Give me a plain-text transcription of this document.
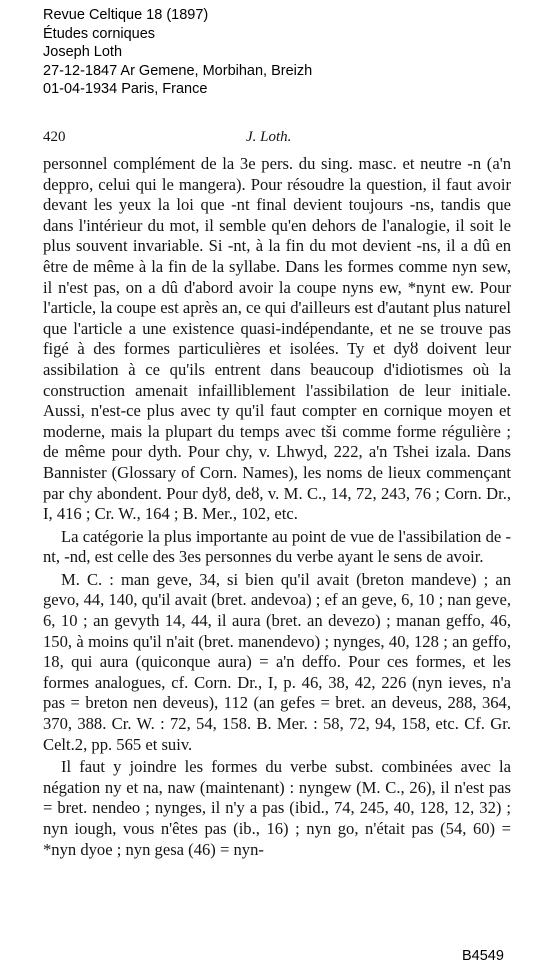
Revue Celtique 18 (1897)
Études corniques
Joseph Loth
27-12-1847 Ar Gemene, Morbihan, Breizh
01-04-1934 Paris, France
420	J. Loth.

personnel complément de la 3e pers. du sing. masc. et neutre -n (a'n deppro, celui qui le mangera). Pour résoudre la question, il faut avoir devant les yeux la loi que -nt final devient toujours -ns, tandis que dans l'intérieur du mot, il semble qu'en dehors de l'analogie, il soit le plus souvent invariable. Si -nt, à la fin du mot devient -ns, il a dû en être de même à la fin de la syllabe. Dans les formes comme nyn sew, il n'est pas, on a dû d'abord avoir la coupe nyns ew, *nynt ew. Pour l'article, la coupe est après an, ce qui d'ailleurs est d'autant plus naturel que l'article a une existence quasi-indépendante, et ne se trouve pas figé à des formes particulières et isolées. Ty et dyȣ doivent leur assibilation à ce qu'ils entrent dans beaucoup d'idiotismes où la construction amenait infailliblement l'assibilation de leur initiale. Aussi, n'est-ce plus avec ty qu'il faut compter en cornique moyen et moderne, mais la plupart du temps avec tši comme forme régulière ; de même pour dyth. Pour chy, v. Lhwyd, 222, a'n Tshei izala. Dans Bannister (Glossary of Corn. Names), les noms de lieux commençant par chy abondent. Pour dyȣ, deȣ, v. M. C., 14, 72, 243, 76 ; Corn. Dr., I, 416 ; Cr. W., 164 ; B. Mer., 102, etc.

La catégorie la plus importante au point de vue de l'assibilation de -nt, -nd, est celle des 3es personnes du verbe ayant le sens de avoir.

M. C. : man geve, 34, si bien qu'il avait (breton mandeve) ; an gevo, 44, 140, qu'il avait (bret. andevoa) ; ef an geve, 6, 10 ; nan geve, 6, 10 ; an gevyth 14, 44, il aura (bret. an devezo) ; manan geffo, 46, 150, à moins qu'il n'ait (bret. manendevo) ; nynges, 40, 128 ; an geffo, 18, qui aura (quiconque aura) = a'n deffo. Pour ces formes, et les formes analogues, cf. Corn. Dr., I, p. 46, 38, 42, 226 (nyn ieves, n'a pas = breton nen deveus), 112 (an gefes = bret. an deveus, 288, 364, 370, 388. Cr. W. : 72, 54, 158. B. Mer. : 58, 72, 94, 158, etc. Cf. Gr. Celt.2, pp. 565 et suiv.

Il faut y joindre les formes du verbe subst. combinées avec la négation ny et na, naw (maintenant) : nyngew (M. C., 26), il n'est pas = bret. nendeo ; nynges, il n'y a pas (ibid., 74, 245, 40, 128, 12, 32) ; nyn iough, vous n'êtes pas (ib., 16) ; nyn go, n'était pas (54, 60) = *nyn dyoe ; nyn gesa (46) = nyn-

B4549
